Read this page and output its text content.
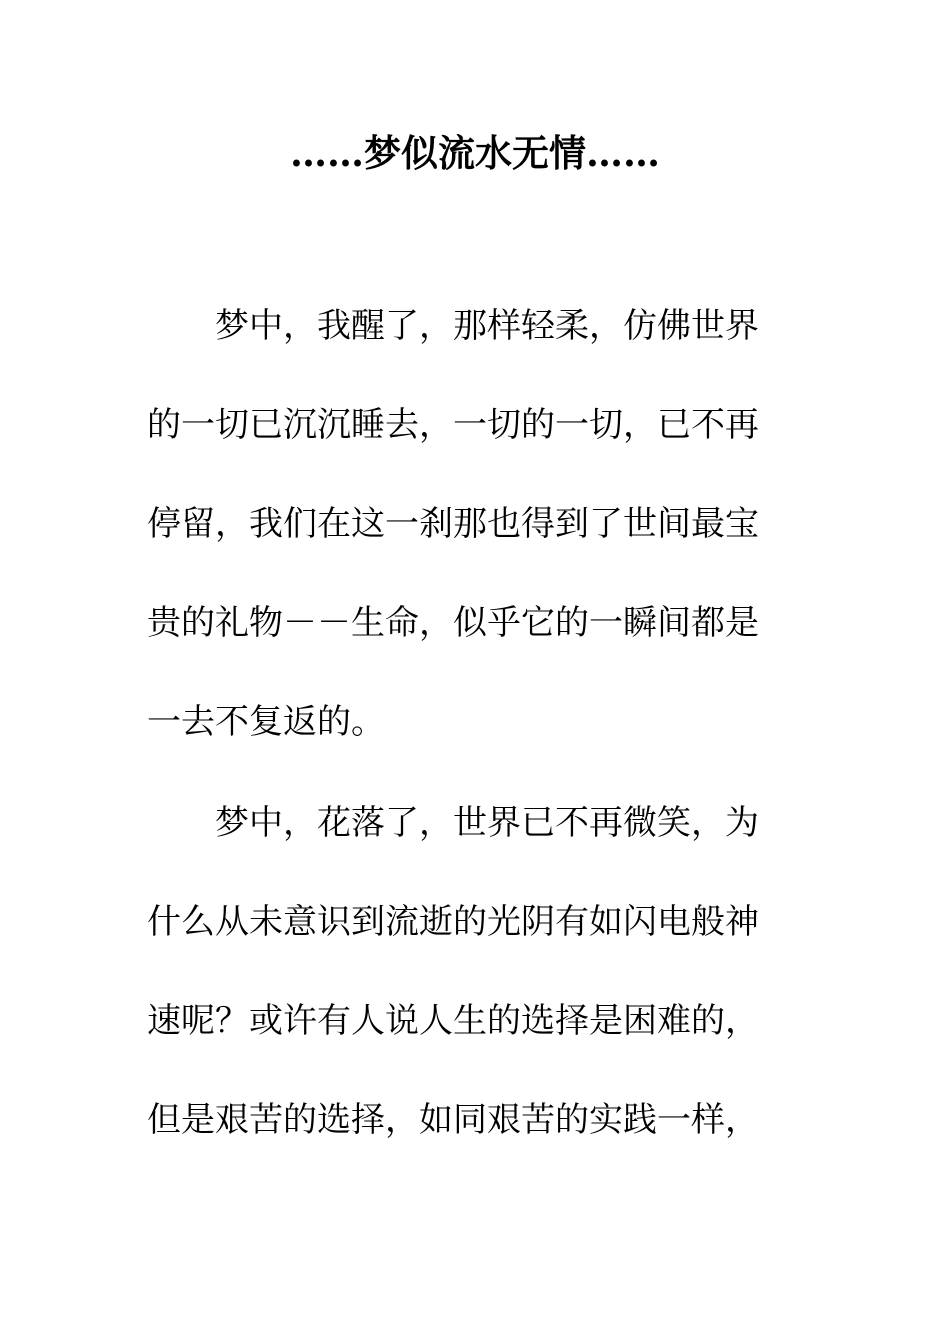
……梦似流水无情……
梦中，我醒了，那样轻柔，仿佛世界
的一切已沉沉睡去，一切的一切，已不再
停留，我们在这一刹那也得到了世间最宝
贵的礼物－－生命，似乎它的一瞬间都是
一去不复返的。
梦中，花落了，世界已不再微笑，为
什么从未意识到流逝的光阴有如闪电般神
速呢？或许有人说人生的选择是困难的，
但是艰苦的选择，如同艰苦的实践一样，
